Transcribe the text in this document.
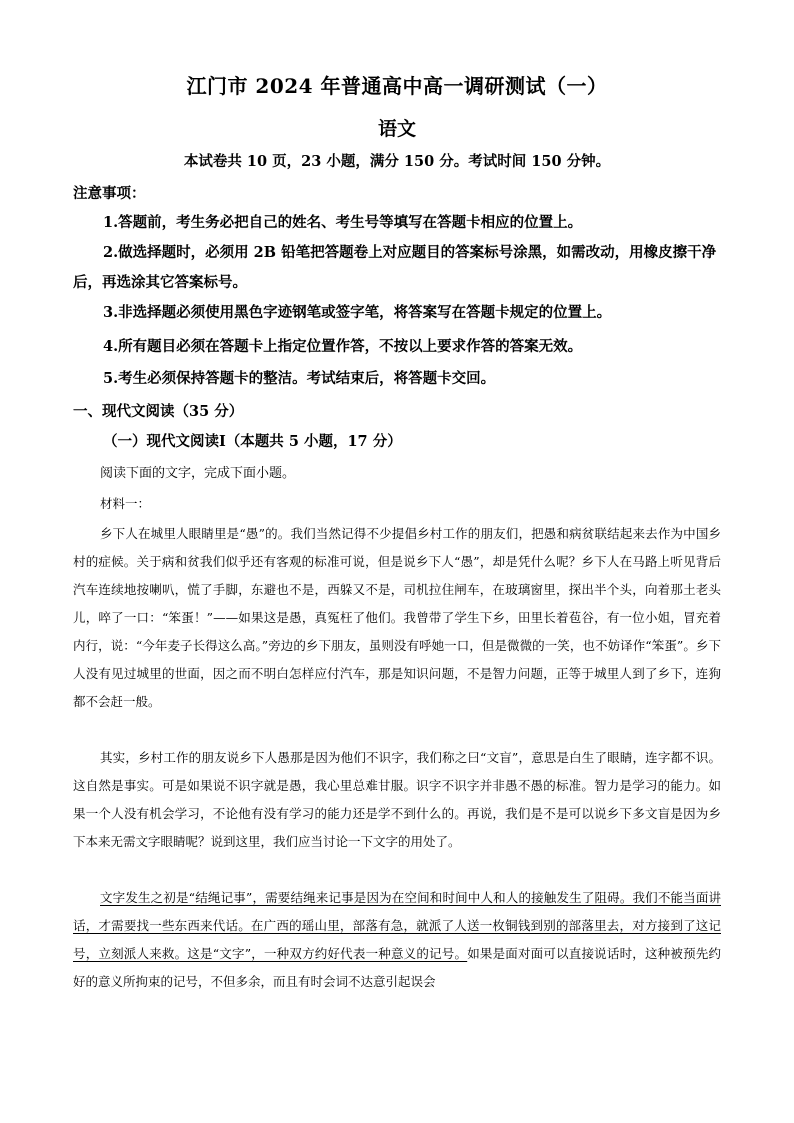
江门市 2024 年普通高中高一调研测试（一）
语文
本试卷共 10 页，23 小题，满分 150 分。考试时间 150 分钟。
注意事项：
1.答题前，考生务必把自己的姓名、考生号等填写在答题卡相应的位置上。
2.做选择题时，必须用 2B 铅笔把答题卷上对应题目的答案标号涂黑，如需改动，用橡皮擦干净后，再选涂其它答案标号。
3.非选择题必须使用黑色字迹钢笔或签字笔，将答案写在答题卡规定的位置上。
4.所有题目必须在答题卡上指定位置作答，不按以上要求作答的答案无效。
5.考生必须保持答题卡的整洁。考试结束后，将答题卡交回。
一、现代文阅读（35 分）
（一）现代文阅读Ⅰ（本题共 5 小题，17 分）
阅读下面的文字，完成下面小题。
材料一：

乡下人在城里人眼睛里是“愚”的。我们当然记得不少提倡乡村工作的朋友们，把愚和病贫联结起来去作为中国乡村的症候。关于病和贫我们似乎还有客观的标准可说，但是说乡下人“愚”，却是凭什么呢？乡下人在马路上听见背后汽车连续地按喇叭，慌了手脚，东避也不是，西躲又不是，司机拉住闸车，在玻璃窗里，探出半个头，向着那土老头儿，啐了一口：“笨蛋！”——如果这是愚，真冤枉了他们。我曾带了学生下乡，田里长着苞谷，有一位小姐，冒充着内行，说：“今年麦子长得这么高。”旁边的乡下朋友，虽则没有呼她一口，但是微微的一笑，也不妨译作“笨蛋”。乡下人没有见过城里的世面，因之而不明白怎样应付汽车，那是知识问题，不是智力问题，正等于城里人到了乡下，连狗都不会赶一般。

其实，乡村工作的朋友说乡下人愚那是因为他们不识字，我们称之曰“文盲”，意思是白生了眼睛，连字都不识。这自然是事实。可是如果说不识字就是愚，我心里总难甘服。识字不识字并非愚不愚的标准。智力是学习的能力。如果一个人没有机会学习，不论他有没有学习的能力还是学不到什么的。再说，我们是不是可以说乡下多文盲是因为乡下本来无需文字眼睛呢？说到这里，我们应当讨论一下文字的用处了。

文字发生之初是“结绳记事”，需要结绳来记事是因为在空间和时间中人和人的接触发生了阻碍。我们不能当面讲话，才需要找一些东西来代话。在广西的瑶山里，部落有急，就派了人送一枚铜钱到别的部落里去，对方接到了这记号，立刻派人来救。这是“文字”，一种双方约好代表一种意义的记号。如果是面对面可以直接说话时，这种被预先约好的意义所拘束的记号，不但多余，而且有时会词不达意引起误会
